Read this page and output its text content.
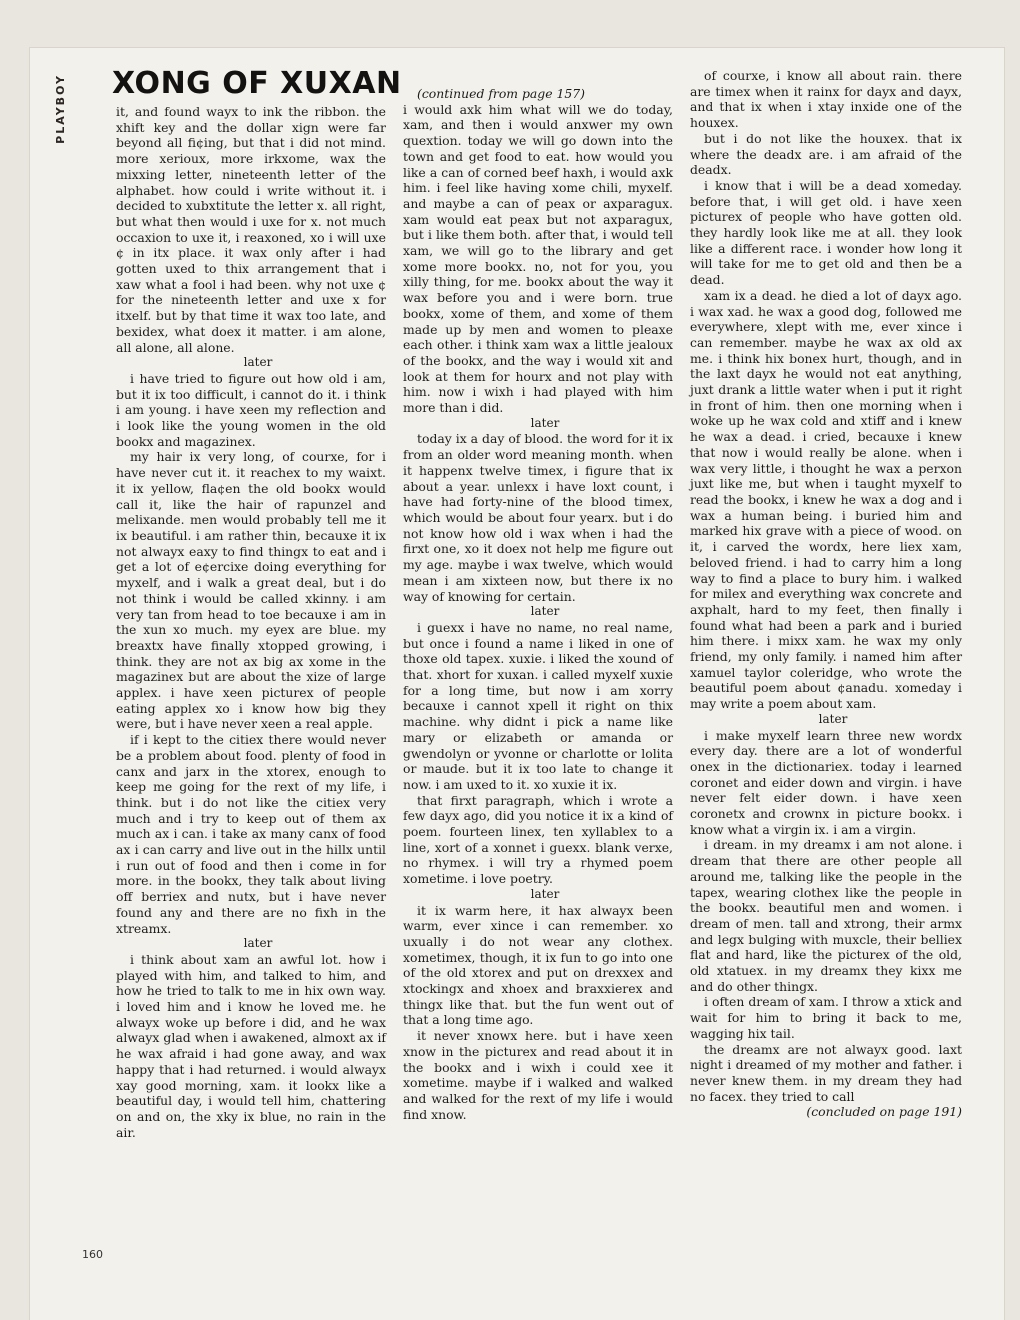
PLAYBOY XONG OF XUXAN

it, and found wayx to ink the ribbon. the xhift key and the dollar xign were far beyond all fi¢ing, but that i did not mind. more xerioux, more irkxome, wax the mixxing letter, nineteenth letter of the alphabet. how could i write without it. i decided to xubxtitute the letter x. all right, but what then would i uxe for x. not much occaxion to uxe it, i reaxoned, xo i will uxe ¢ in itx place. it wax only after i had gotten uxed to thix arrangement that i xaw what a fool i had been. why not uxe ¢ for the nineteenth letter and uxe x for itxelf. but by that time it wax too late, and bexidex, what doex it matter. i am alone, all alone, all alone.

later

i have tried to figure out how old i am, but it ix too difficult, i cannot do it. i think i am young. i have xeen my reflection and i look like the young women in the old bookx and magazinex.

my hair ix very long, of courxe, for i have never cut it. it reachex to my waixt. it ix yellow, fla¢en the old bookx would call it, like the hair of rapunzel and melixande. men would probably tell me it ix beautiful. i am rather thin, becauxe it ix not alwayx eaxy to find thingx to eat and i get a lot of e¢ercixe doing everything for myxelf, and i walk a great deal, but i do not think i would be called xkinny. i am very tan from head to toe becauxe i am in the xun xo much. my eyex are blue. my breaxtx have finally xtopped growing, i think. they are not ax big ax xome in the magazinex but are about the xize of large applex. i have xeen picturex of people eating applex xo i know how big they were, but i have never xeen a real apple.

if i kept to the citiex there would never be a problem about food. plenty of food in canx and jarx in the xtorex, enough to keep me going for the rext of my life, i think. but i do not like the citiex very much and i try to keep out of them ax much ax i can. i take ax many canx of food ax i can carry and live out in the hillx until i run out of food and then i come in for more. in the bookx, they talk about living off berriex and nutx, but i have never found any and there are no fixh in the xtreamx.

later

i think about xam an awful lot. how i played with him, and talked to him, and how he tried to talk to me in hix own way. i loved him and i know he loved me. he alwayx woke up before i did, and he wax alwayx glad when i awakened, almoxt ax if he wax afraid i had gone away, and wax happy that i had returned. i would alwayx xay good morning, xam. it lookx like a beautiful day, i would tell him, chattering on and on, the xky ix blue, no rain in the air.

(continued from page 157)

i would axk him what will we do today, xam, and then i would anxwer my own quextion. today we will go down into the town and get food to eat. how would you like a can of corned beef haxh, i would axk him. i feel like having xome chili, myxelf. and maybe a can of peax or axparagux. xam would eat peax but not axparagux, but i like them both. after that, i would tell xam, we will go to the library and get xome more bookx. no, not for you, you xilly thing, for me. bookx about the way it wax before you and i were born. true bookx, xome of them, and xome of them made up by men and women to pleaxe each other. i think xam wax a little jealoux of the bookx, and the way i would xit and look at them for hourx and not play with him. now i wixh i had played with him more than i did.

later

today ix a day of blood. the word for it ix from an older word meaning month. when it happenx twelve timex, i figure that ix about a year. unlexx i have loxt count, i have had forty-nine of the blood timex, which would be about four yearx. but i do not know how old i wax when i had the firxt one, xo it doex not help me figure out my age. maybe i wax twelve, which would mean i am xixteen now, but there ix no way of knowing for certain.

later

i guexx i have no name, no real name, but once i found a name i liked in one of thoxe old tapex. xuxie. i liked the xound of that. xhort for xuxan. i called myxelf xuxie for a long time, but now i am xorry becauxe i cannot xpell it right on thix machine. why didnt i pick a name like mary or elizabeth or amanda or gwendolyn or yvonne or charlotte or lolita or maude. but it ix too late to change it now. i am uxed to it. xo xuxie it ix.

that firxt paragraph, which i wrote a few dayx ago, did you notice it ix a kind of poem. fourteen linex, ten xyllablex to a line, xort of a xonnet i guexx. blank verxe, no rhymex. i will try a rhymed poem xometime. i love poetry.

later

it ix warm here, it hax alwayx been warm, ever xince i can remember. xo uxually i do not wear any clothex. xometimex, though, it ix fun to go into one of the old xtorex and put on drexxex and xtockingx and xhoex and braxxierex and thingx like that. but the fun went out of that a long time ago.

it never xnowx here. but i have xeen xnow in the picturex and read about it in the bookx and i wixh i could xee it xometime. maybe if i walked and walked and walked for the rext of my life i would find xnow.

of courxe, i know all about rain. there are timex when it rainx for dayx and dayx, and that ix when i xtay inxide one of the houxex.

but i do not like the houxex. that ix where the deadx are. i am afraid of the deadx.

i know that i will be a dead xomeday. before that, i will get old. i have xeen picturex of people who have gotten old. they hardly look like me at all. they look like a different race. i wonder how long it will take for me to get old and then be a dead.

xam ix a dead. he died a lot of dayx ago. i wax xad. he wax a good dog, followed me everywhere, xlept with me, ever xince i can remember. maybe he wax ax old ax me. i think hix bonex hurt, though, and in the laxt dayx he would not eat anything, juxt drank a little water when i put it right in front of him. then one morning when i woke up he wax cold and xtiff and i knew he wax a dead. i cried, becauxe i knew that now i would really be alone. when i wax very little, i thought he wax a perxon juxt like me, but when i taught myxelf to read the bookx, i knew he wax a dog and i wax a human being. i buried him and marked hix grave with a piece of wood. on it, i carved the wordx, here liex xam, beloved friend. i had to carry him a long way to find a place to bury him. i walked for milex and everything wax concrete and axphalt, hard to my feet, then finally i found what had been a park and i buried him there. i mixx xam. he wax my only friend, my only family. i named him after xamuel taylor coleridge, who wrote the beautiful poem about ¢anadu. xomeday i may write a poem about xam.

later

i make myxelf learn three new wordx every day. there are a lot of wonderful onex in the dictionariex. today i learned coronet and eider down and virgin. i have never felt eider down. i have xeen coronetx and crownx in picture bookx. i know what a virgin ix. i am a virgin.

i dream. in my dreamx i am not alone. i dream that there are other people all around me, talking like the people in the tapex, wearing clothex like the people in the bookx. beautiful men and women. i dream of men. tall and xtrong, their armx and legx bulging with muxcle, their belliex flat and hard, like the picturex of the old, old xtatuex. in my dreamx they kixx me and do other thingx.

i often dream of xam. I throw a xtick and wait for him to bring it back to me, wagging hix tail.

the dreamx are not alwayx good. laxt night i dreamed of my mother and father. i never knew them. in my dream they had no facex. they tried to call

(concluded on page 191)

160
